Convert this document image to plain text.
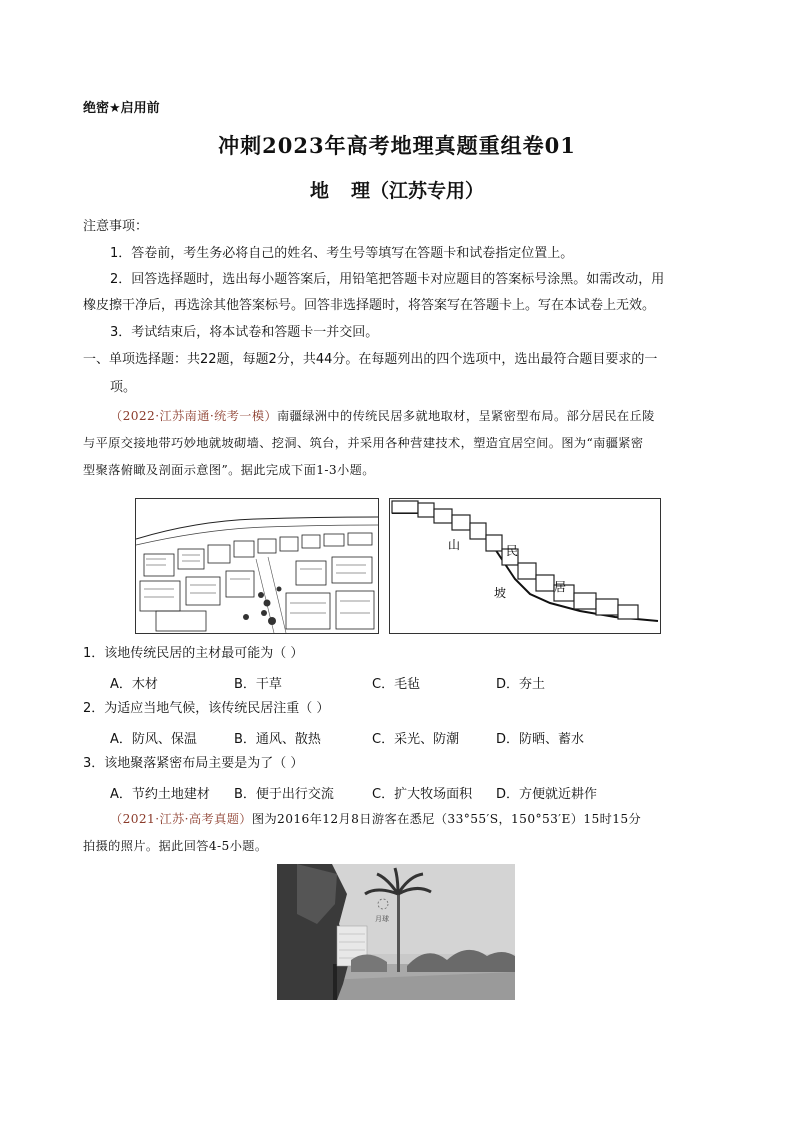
绝密★启用前
冲刺2023年高考地理真题重组卷01
地 理（江苏专用）
注意事项：
1．答卷前，考生务必将自己的姓名、考生号等填写在答题卡和试卷指定位置上。
2．回答选择题时，选出每小题答案后，用铅笔把答题卡对应题目的答案标号涂黑。如需改动，用
橡皮擦干净后，再选涂其他答案标号。回答非选择题时，将答案写在答题卡上。写在本试卷上无效。
3．考试结束后，将本试卷和答题卡一并交回。
一、单项选择题：共22题，每题2分，共44分。在每题列出的四个选项中，选出最符合题目要求的一
项。
（2022·江苏南通·统考一模）南疆绿洲中的传统民居多就地取材，呈紧密型布局。部分居民在丘陵
与平原交接地带巧妙地就坡砌墙、挖洞、筑台，并采用各种营建技术，塑造宜居空间。图为“南疆紧密
型聚落俯瞰及剖面示意图”。据此完成下面1-3小题。
山
坡
民
居
1．该地传统民居的主材最可能为（ ）
A．木材	B．干草	C．毛毡	D．夯土
2．为适应当地气候，该传统民居注重（ ）
A．防风、保温	B．通风、散热	C．采光、防潮	D．防晒、蓄水
3．该地聚落紧密布局主要是为了（ ）
A．节约土地建材 B．便于出行交流	C．扩大牧场面积 D．方便就近耕作
（2021·江苏·高考真题）图为2016年12月8日游客在悉尼（33°55′S，150°53′E）15时15分
拍摄的照片。据此回答4-5小题。
月球
